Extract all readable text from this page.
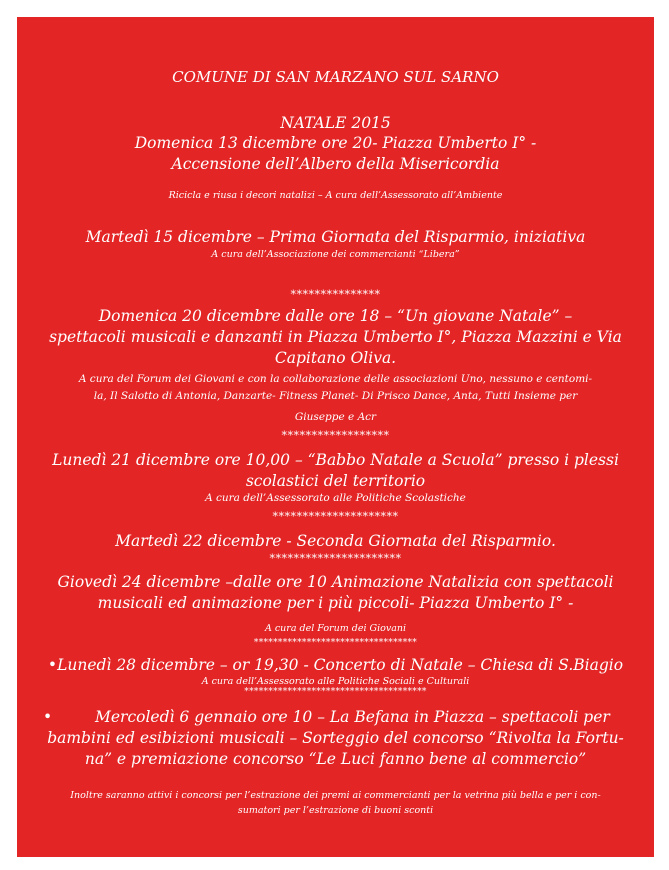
COMUNE DI SAN MARZANO SUL SARNO
NATALE 2015
Domenica 13 dicembre ore 20- Piazza Umberto I° -
Accensione dell’Albero della Misericordia
Ricicla e riusa i decori natalizi – A cura dell’Assessorato all’Ambiente
Martedì 15 dicembre – Prima Giornata del Risparmio, iniziativa
A cura dell’Associazione dei commercianti “Libera”
***************
Domenica 20 dicembre dalle ore 18 – “Un giovane Natale” –
spettacoli musicali e danzanti in Piazza Umberto I°, Piazza Mazzini e Via
Capitano Oliva.
A cura del Forum dei Giovani e con la collaborazione delle associazioni Uno, nessuno e centomi-
la, Il Salotto di Antonia, Danzarte- Fitness Planet- Di Prisco Dance, Anta, Tutti Insieme per
Giuseppe e Acr
******************
Lunedì 21 dicembre ore 10,00 – “Babbo Natale a Scuola” presso i plessi
scolastici del territorio
A cura dell’Assessorato alle Politiche Scolastiche
*********************
Martedì 22 dicembre - Seconda Giornata del Risparmio.
**********************
Giovedì 24 dicembre –dalle ore 10 Animazione Natalizia con spettacoli
musicali ed animazione per i più piccoli- Piazza Umberto I° -
A cura del Forum dei Giovani
**********************************
•Lunedì 28 dicembre – or 19,30 - Concerto di Natale – Chiesa di S.Biagio
A cura dell’Assessorato alle Politiche Sociali e Culturali
**************************************
•	Mercoledì 6 gennaio ore 10 – La Befana in Piazza – spettacoli per
bambini ed esibizioni musicali – Sorteggio del concorso “Rivolta la Fortu-
na” e premiazione concorso “Le Luci fanno bene al commercio”
Inoltre saranno attivi i concorsi per l’estrazione dei premi ai commercianti per la vetrina più bella e per i con-
sumatori per l’estrazione di buoni sconti
